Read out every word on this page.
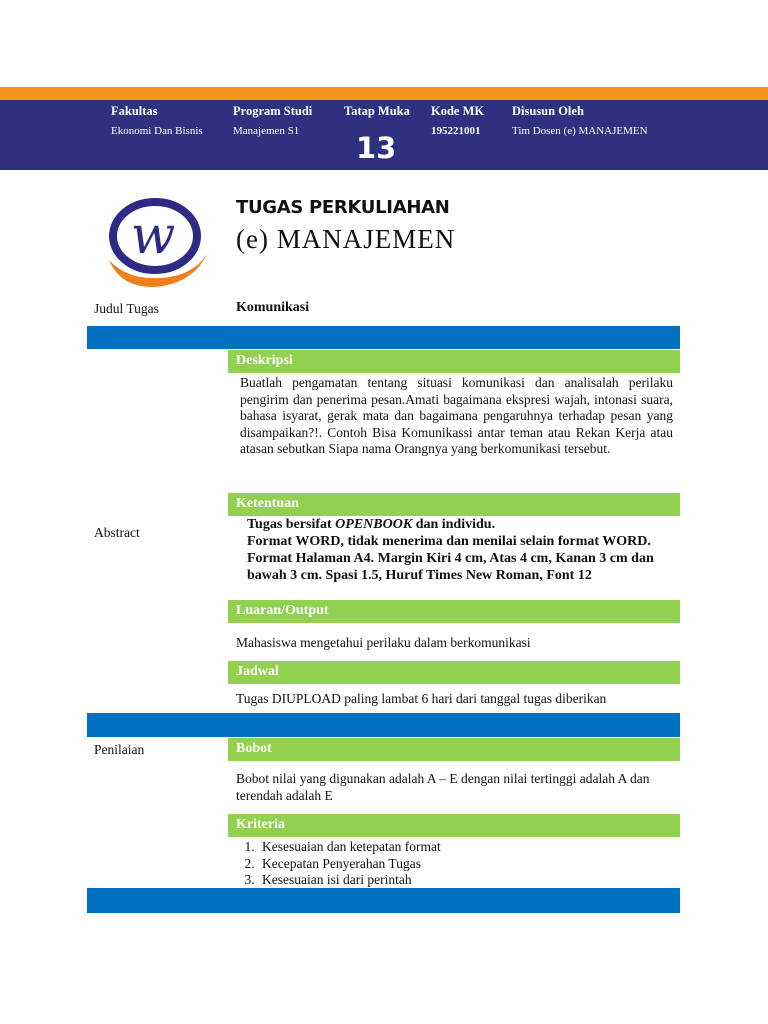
Fakultas
Ekonomi Dan Bisnis
Program Studi
Manajemen S1
Tatap Muka
13
Kode MK
195221001
Disusun Oleh
Tim Dosen (e) MANAJEMEN
w	TUGAS PERKULIAHAN
(e) MANAJEMEN
Judul Tugas	Komunikasi
Abstract
Deskripsi
Buatlah pengamatan tentang situasi komunikasi dan analisalah perilaku pengirim dan penerima pesan.Amati bagaimana ekspresi wajah, intonasi suara, bahasa isyarat, gerak mata dan bagaimana pengaruhnya terhadap pesan yang disampaikan?!. Contoh Bisa Komunikassi antar teman atau Rekan Kerja atau atasan sebutkan Siapa nama Orangnya yang berkomunikasi tersebut.
Ketentuan
Tugas bersifat OPENBOOK dan individu.
Format WORD, tidak menerima dan menilai selain format WORD.
Format Halaman A4. Margin Kiri 4 cm, Atas 4 cm, Kanan 3 cm dan bawah 3 cm. Spasi 1.5, Huruf Times New Roman, Font 12
Luaran/Output
Mahasiswa mengetahui perilaku dalam berkomunikasi
Jadwal
Tugas DIUPLOAD paling lambat 6 hari dari tanggal tugas diberikan
Penilaian	Bobot
Bobot nilai yang digunakan adalah A – E dengan nilai tertinggi adalah A dan terendah adalah E
Kriteria
1. Kesesuaian dan ketepatan format
2. Kecepatan Penyerahan Tugas
3. Kesesuaian isi dari perintah
